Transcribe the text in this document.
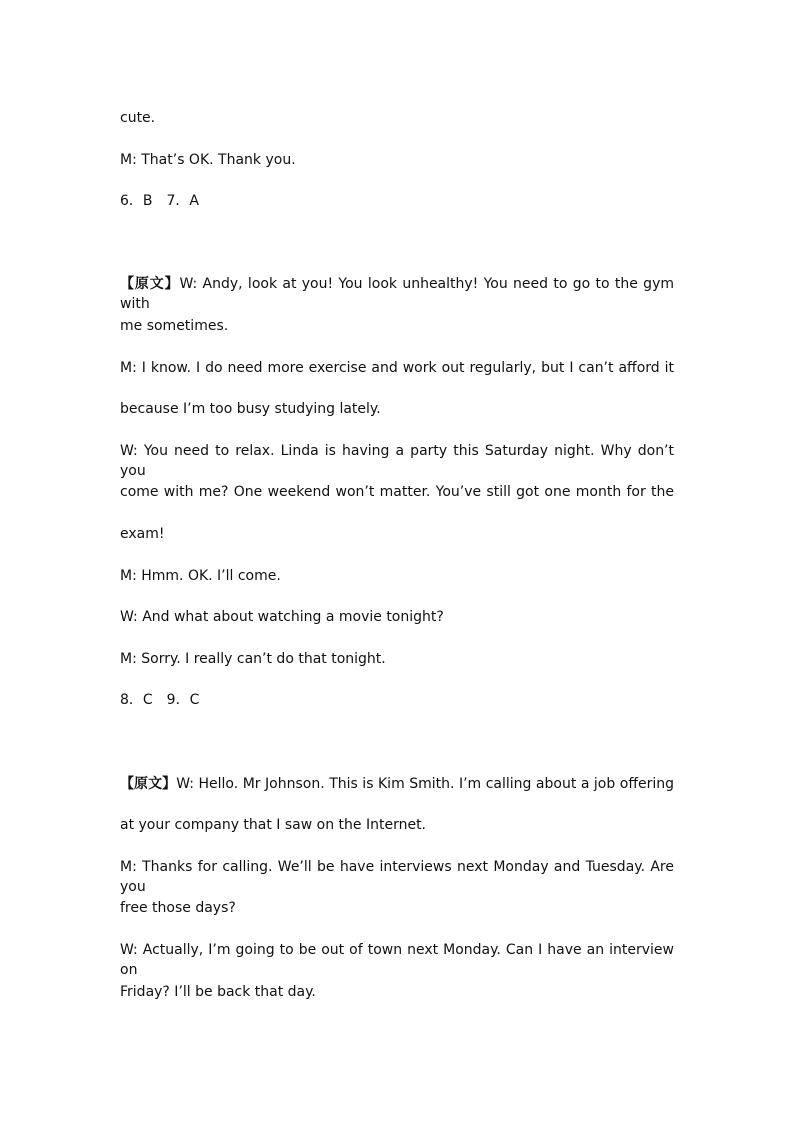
cute.
M: That’s OK. Thank you.
6．B　7．A
【原文】W: Andy, look at you! You look unhealthy! You need to go to the gym with
me sometimes.
M: I know. I do need more exercise and work out regularly, but I can’t afford it
because I’m too busy studying lately.
W: You need to relax. Linda is having a party this Saturday night. Why don’t you
come with me? One weekend won’t matter. You’ve still got one month for the
exam!
M: Hmm. OK. I’ll come.
W: And what about watching a movie tonight?
M: Sorry. I really can’t do that tonight.
8．C　9．C
【原文】W: Hello. Mr Johnson. This is Kim Smith. I’m calling about a job offering
at your company that I saw on the Internet.
M: Thanks for calling. We’ll be have interviews next Monday and Tuesday. Are you
free those days?
W: Actually, I’m going to be out of town next Monday. Can I have an interview on
Friday? I’ll be back that day.
